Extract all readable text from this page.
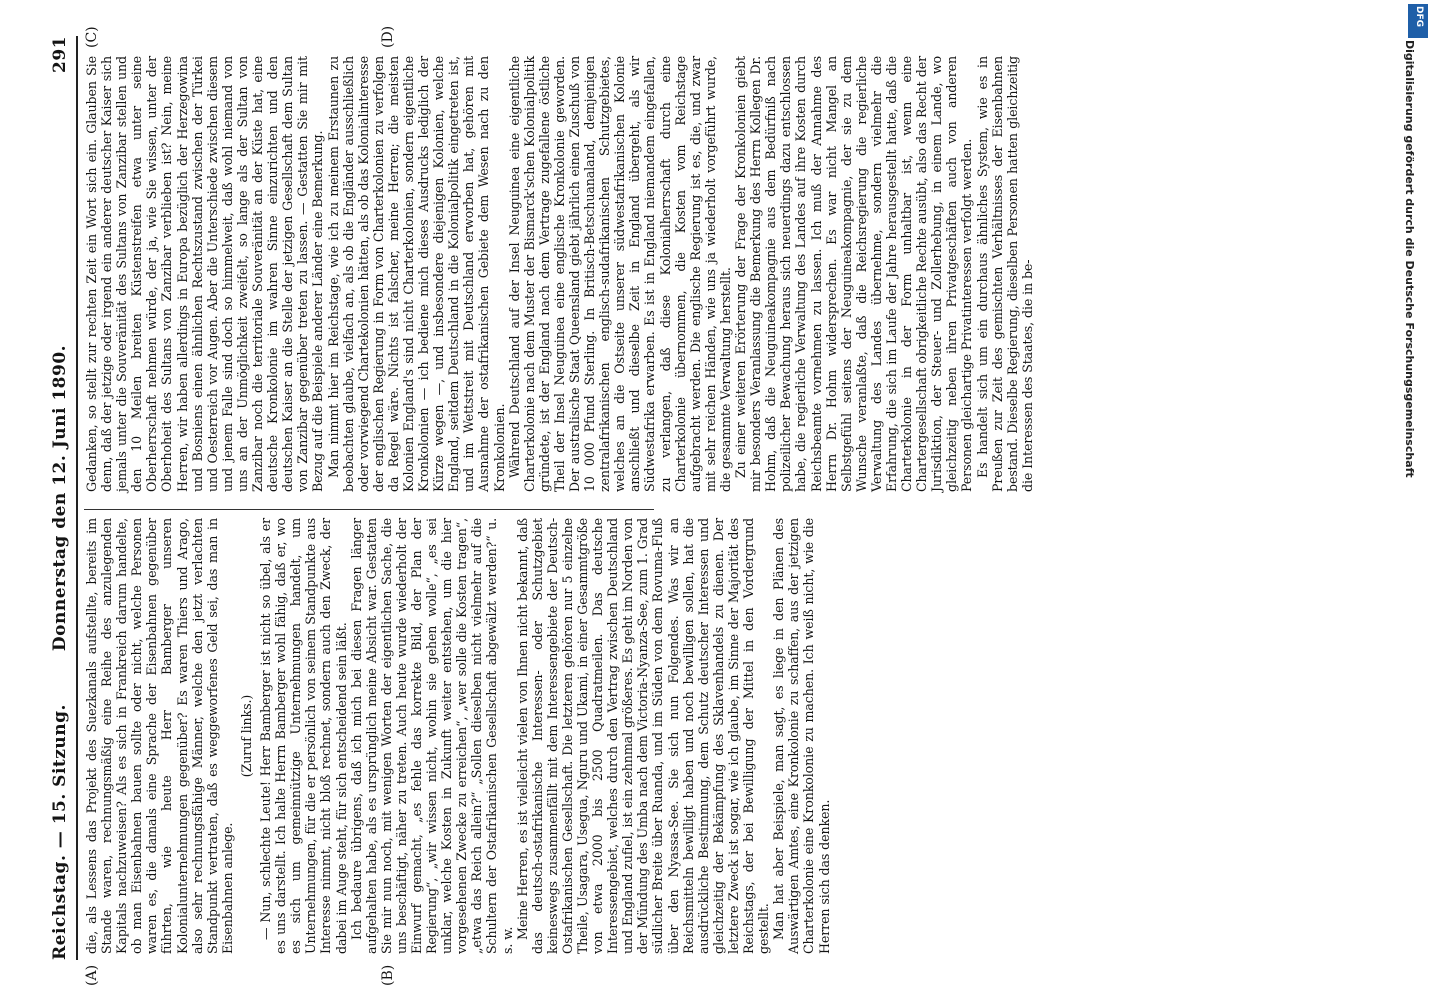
Reichstag. — 15. Sitzung.
Donnerstag den 12. Juni 1890.
291
(A)	(B)
(C)	(D)

die, als Lessens das Projekt des Suezkanals aufstellte, bereits im Stande waren, rechnungsmäßig eine Reihe des anzulegenden Kapitals nachzuweisen? Als es sich in Frankreich darum handelte, ob man Eisenbahnen bauen sollte oder nicht, welche Personen waren es, die damals eine Sprache der Eisenbahnen gegenüber führten, wie heute Herr Bamberger unseren Kolonialunternehmungen gegenüber? Es waren Thiers und Arago, also sehr rechnungsfähige Männer, welche den jetzt verlachten Standpunkt vertraten, daß es weggeworfenes Geld sei, das man in Eisenbahnen anlege.

(Zuruf links.) — Nun, schlechte Leute! Herr Bamberger ist nicht so übel, als er es uns darstellt. Ich halte Herrn Bamberger wohl fähig, daß er, wo es sich um gemeinnützige Unternehmungen handelt, um Unternehmungen, für die er persönlich von seinem Standpunkte aus Interesse nimmt, nicht bloß rechnet, sondern auch den Zweck, der dabei im Auge steht, für sich entscheidend sein läßt. Ich bedaure übrigens, daß ich mich bei diesen Fragen länger aufgehalten habe, als es ursprünglich meine Absicht war. Gestatten Sie mir nun noch, mit wenigen Worten der eigentlichen Sache, die uns beschäftigt, näher zu treten. Auch heute wurde wiederholt der Einwurf gemacht, „es fehle das korrekte Bild, der Plan der Regierung“, „wir wissen nicht, wohin sie gehen wolle“, „es sei unklar, welche Kosten in Zukunft weiter entstehen, um die hier vorgesehenen Zwecke zu erreichen“, „wer solle die Kosten tragen“, „etwa das Reich allein?“ „Sollen dieselben nicht vielmehr auf die Schultern der Ostafrikanischen Gesellschaft abgewälzt werden?“ u. s. w.

Meine Herren, es ist vielleicht vielen von Ihnen nicht bekannt, daß das deutsch-ostafrikanische Interessen- oder Schutzgebiet keineswegs zusammenfällt mit dem Interessengebiete der Deutsch-Ostafrikanischen Gesellschaft. Die letzteren gehören nur 5 einzelne Theile, Usagara, Usegua, Nguru und Ukami, in einer Gesammtgröße von etwa 2000 bis 2500 Quadratmeilen. Das deutsche Interessengebiet, welches durch den Vertrag zwischen Deutschland und England zufiel, ist ein zehnmal größeres. Es geht im Norden von der Mündung des Umba nach dem Victoria-Nyanza-See, zum 1. Grad südlicher Breite über Ruanda, und im Süden von dem Rovuma-Fluß über den Nyassa-See. Sie sich nun Folgendes. Was wir an Reichsmitteln bewilligt haben und noch bewilligen sollen, hat die ausdrückliche Bestimmung, dem Schutz deutscher Interessen und gleichzeitig der Bekämpfung des Sklavenhandels zu dienen. Der letztere Zweck ist sogar, wie ich glaube, im Sinne der Majorität des Reichstags, der bei Bewilligung der Mittel in den Vordergrund gestellt. Man hat aber Beispiele, man sagt, es liege in den Plänen des Auswärtigen Amtes, eine Kronkolonie zu schaffen, aus der jetzigen Charterkolonie eine Kronkolonie zu machen. Ich weiß nicht, wie die Herren sich das denken.

Gedanken, so stellt zur rechten Zeit ein Wort sich ein. Glauben Sie denn, daß der jetzige oder irgend ein anderer deutscher Kaiser sich jemals unter die Souveränität des Sultans von Zanzibar stellen und den 10 Meilen breiten Küstenstreifen etwa unter seine Oberherrschaft nehmen würde, der ja, wie Sie wissen, unter der Oberhoheit des Sultans von Zanzibar verblieben ist? Nein, meine Herren, wir haben allerdings in Europa bezüglich der Herzegowina und Bosniens einen ähnlichen Rechtszustand zwischen der Türkei und Oesterreich vor Augen. Aber die Unterschiede zwischen diesem und jenem Falle sind doch so himmelweit, daß wohl niemand von uns an der Unmöglichkeit zweifelt, so lange als der Sultan von Zanzibar noch die territoriale Souveränität an der Küste hat, eine deutsche Kronkolonie im wahren Sinne einzurichten und den deutschen Kaiser an die Stelle der jetzigen Gesellschaft dem Sultan von Zanzibar gegenüber treten zu lassen. — Gestatten Sie mir mit Bezug auf die Beispiele anderer Länder eine Bemerkung. Man nimmt hier im Reichstage, wie ich zu meinem Erstaunen zu beobachten glaube, vielfach an, als ob die Engländer ausschließlich oder vorwiegend Chartekolonien hätten, als ob das Kolonialinteresse der englischen Regierung in Form von Charterkolonien zu verfolgen da Regel wäre. Nichts ist falscher, meine Herren; die meisten Kolonien England's sind nicht Charterkolonien, sondern eigentliche Kronkolonien — ich bediene mich dieses Ausdrucks lediglich der Kürze wegen —, und insbesondere diejenigen Kolonien, welche England, seitdem Deutschland in die Kolonialpolitik eingetreten ist, und im Wettstreit mit Deutschland erworben hat, gehören mit Ausnahme der ostafrikanischen Gebiete dem Wesen nach zu den Kronkolonien. Während Deutschland auf der Insel Neuguinea eine eigentliche Charterkolonie nach dem Muster der Bismarck'schen Kolonialpolitik gründete, ist der England nach dem Vertrage zugefallene östliche Theil der Insel Neuguinea eine englische Kronkolonie geworden. Der australische Staat Queensland giebt jährlich einen Zuschuß von 10 000 Pfund Sterling. In Britisch-Betschuanaland, demjenigen zentralafrikanischen englisch-sudafrikanischen Schutzgebietes, welches an die Ostseite unserer südwestafrikanischen Kolonie anschließt und dieselbe Zeit in England übergeht, als wir Südwestafrika erwarben. Es ist in England niemandem eingefallen, zu verlangen, daß diese Kolonialherrschaft durch eine Charterkolonie übernommen, die Kosten vom Reichstage aufgebracht werden. Die englische Regierung ist es, die, und zwar mit sehr reichen Händen, wie uns ja wiederholt vorgeführt wurde, die gesammte Verwaltung herstellt. Zu einer weiteren Erörterung der Frage der Kronkolonien giebt mir besonders Veranlassung die Bemerkung des Herrn Kollegen Dr. Hohm, daß die Neuguineakompagnie aus dem Bedürfniß nach polizeilicher Bewachung heraus sich neuerdings dazu entschlossen habe, die regierliche Verwaltung des Landes auf ihre Kosten durch Reichsbeamte vornehmen zu lassen. Ich muß der Annahme des Herrn Dr. Hohm widersprechen. Es war nicht Mangel an Selbstgefühl seitens der Neuguineakompagnie, der sie zu dem Wunsche veranlaßte, daß die Reichsregierung die regierliche Verwaltung des Landes übernehme, sondern vielmehr die Erfahrung, die sich im Laufe der Jahre herausgestellt hatte, daß die Charterkolonie in der Form unhaltbar ist, wenn eine Chartergesellschaft obrigkeitliche Rechte ausübt, also das Recht der Jurisdiktion, der Steuer- und Zollerhebung, in einem Lande, wo gleichzeitig neben ihren Privatgeschäften auch von anderen Personen gleichartige Privatinteressen verfolgt werden. Es handelt sich um ein durchaus ähnliches System, wie es in Preußen zur Zeit des gemischten Verhältnisses der Eisenbahnen bestand. Dieselbe Regierung, dieselben Personen hatten gleichzeitig die Interessen des Staates, die in be-

DFG
Digitalisierung gefördert durch die Deutsche Forschungsgemeinschaft
